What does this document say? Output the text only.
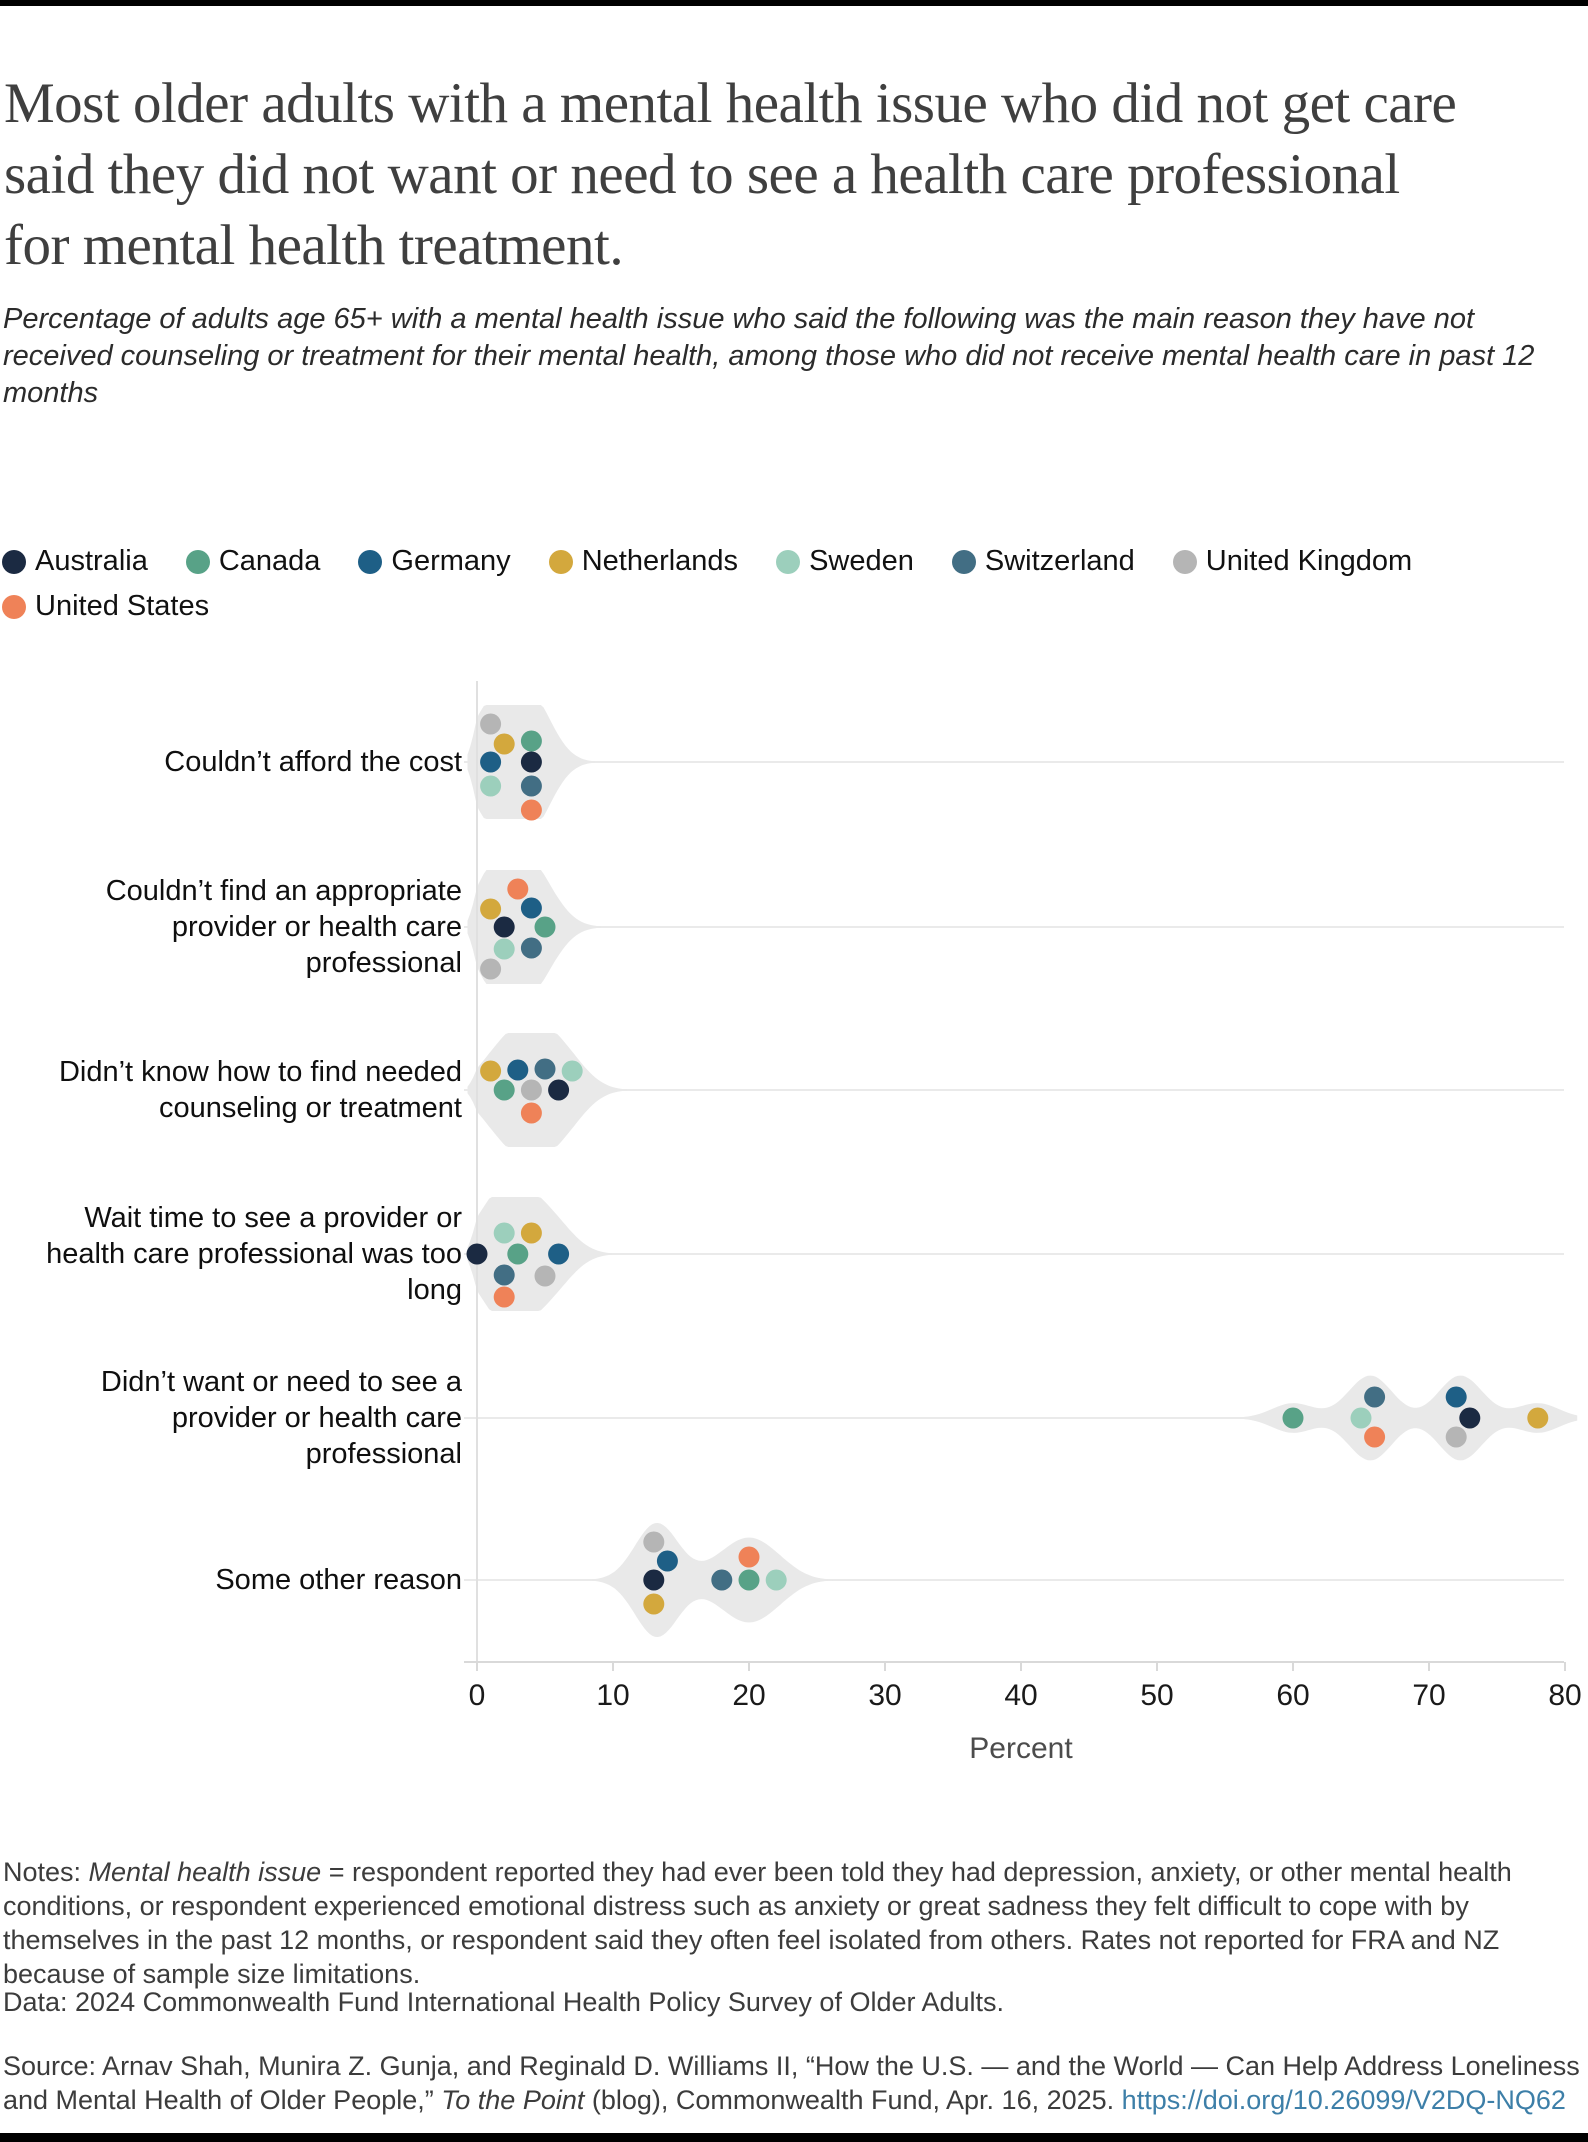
Most older adults with a mental health issue who did not get care said they did not want or need to see a health care professional for mental health treatment.

Percentage of adults age 65+ with a mental health issue who said the following was the main reason they have not received counseling or treatment for their mental health, among those who did not receive mental health care in past 12 months

Australia Canada Germany Netherlands Sweden Switzerland United Kingdom
United States
Couldn’t afford the cost
Couldn’t find an appropriate provider or health care professional
Didn’t know how to find needed counseling or treatment
Wait time to see a provider or health care professional was too long
Didn’t want or need to see a provider or health care professional
Some other reason
0	10	20	30	40	50	60	70	80
Percent

Notes: Mental health issue = respondent reported they had ever been told they had depression, anxiety, or other mental health conditions, or respondent experienced emotional distress such as anxiety or great sadness they felt difficult to cope with by themselves in the past 12 months, or respondent said they often feel isolated from others. Rates not reported for FRA and NZ because of sample size limitations.

Data: 2024 Commonwealth Fund International Health Policy Survey of Older Adults.

Source: Arnav Shah, Munira Z. Gunja, and Reginald D. Williams II, “How the U.S. — and the World — Can Help Address Loneliness and Mental Health of Older People,” To the Point (blog), Commonwealth Fund, Apr. 16, 2025. https://doi.org/10.26099/V2DQ-NQ62
